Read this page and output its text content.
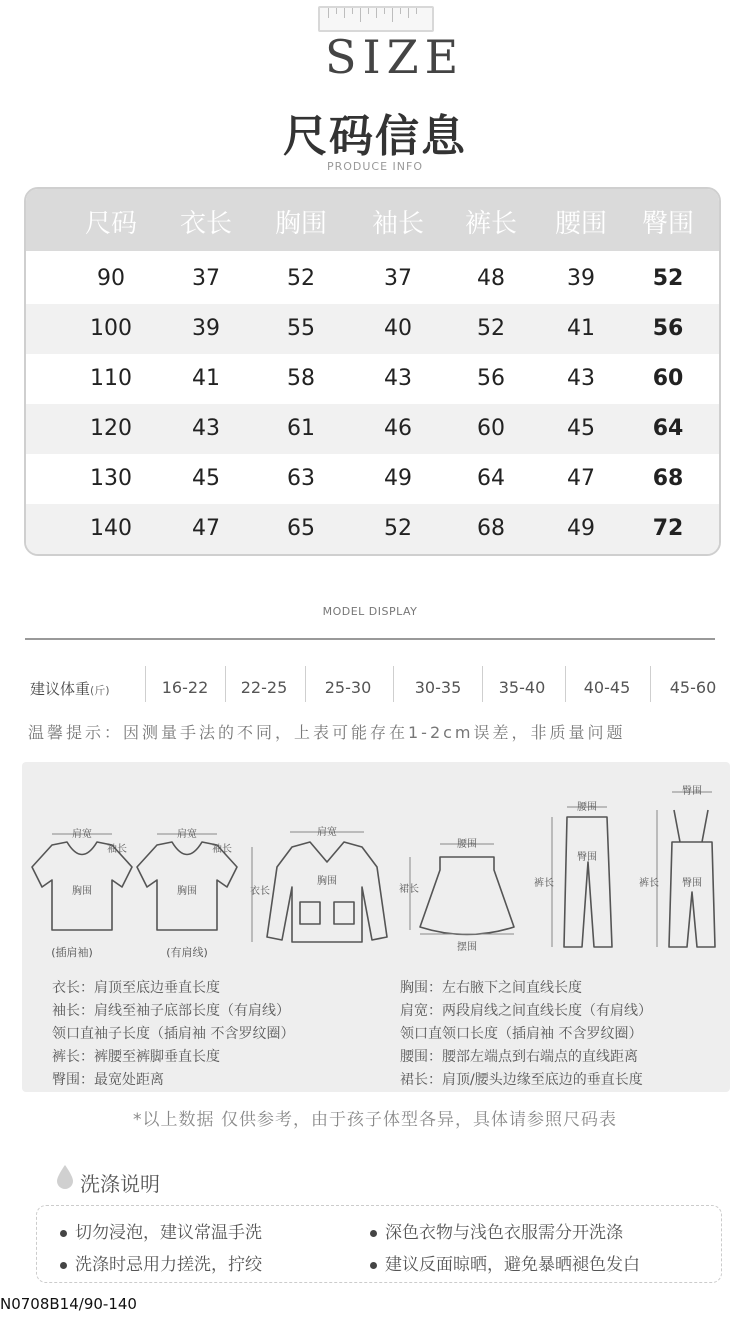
SIZE
尺码信息
PRODUCE INFO
尺码	衣长	胸围	袖长	裤长	腰围	臀围
90	37	52	37	48	39	52
100	39	55	40	52	41	56
110	41	58	43	56	43	60
120	43	61	46	60	45	64
130	45	63	49	64	47	68
140	47	65	52	68	49	72
MODEL DISPLAY
建议体重(斤)	16-22	22-25	25-30	30-35	35-40	40-45	45-60
温馨提示：因测量手法的不同，上表可能存在1-2cm误差，非质量问题
肩宽	肩宽	肩宽
袖长	袖长
胸围	胸围
胸围
衣长
腰围
腰围
裙长
摆围
裤长	裤长
臀围
臀围
臀围
(插肩袖)	(有肩线)
衣长：肩顶至底边垂直长度
袖长：肩线至袖子底部长度（有肩线）
领口直袖子长度（插肩袖 不含罗纹圈）
裤长：裤腰至裤脚垂直长度
臀围：最宽处距离
胸围：左右腋下之间直线长度
肩宽：两段肩线之间直线长度（有肩线）
领口直领口长度（插肩袖 不含罗纹圈）
腰围：腰部左端点到右端点的直线距离
裙长：肩顶/腰头边缘至底边的垂直长度
*以上数据 仅供参考，由于孩子体型各异，具体请参照尺码表
洗涤说明
切勿浸泡，建议常温手洗	深色衣物与浅色衣服需分开洗涤
洗涤时忌用力搓洗，拧绞	建议反面晾晒，避免暴晒褪色发白
N0708B14/90-140
